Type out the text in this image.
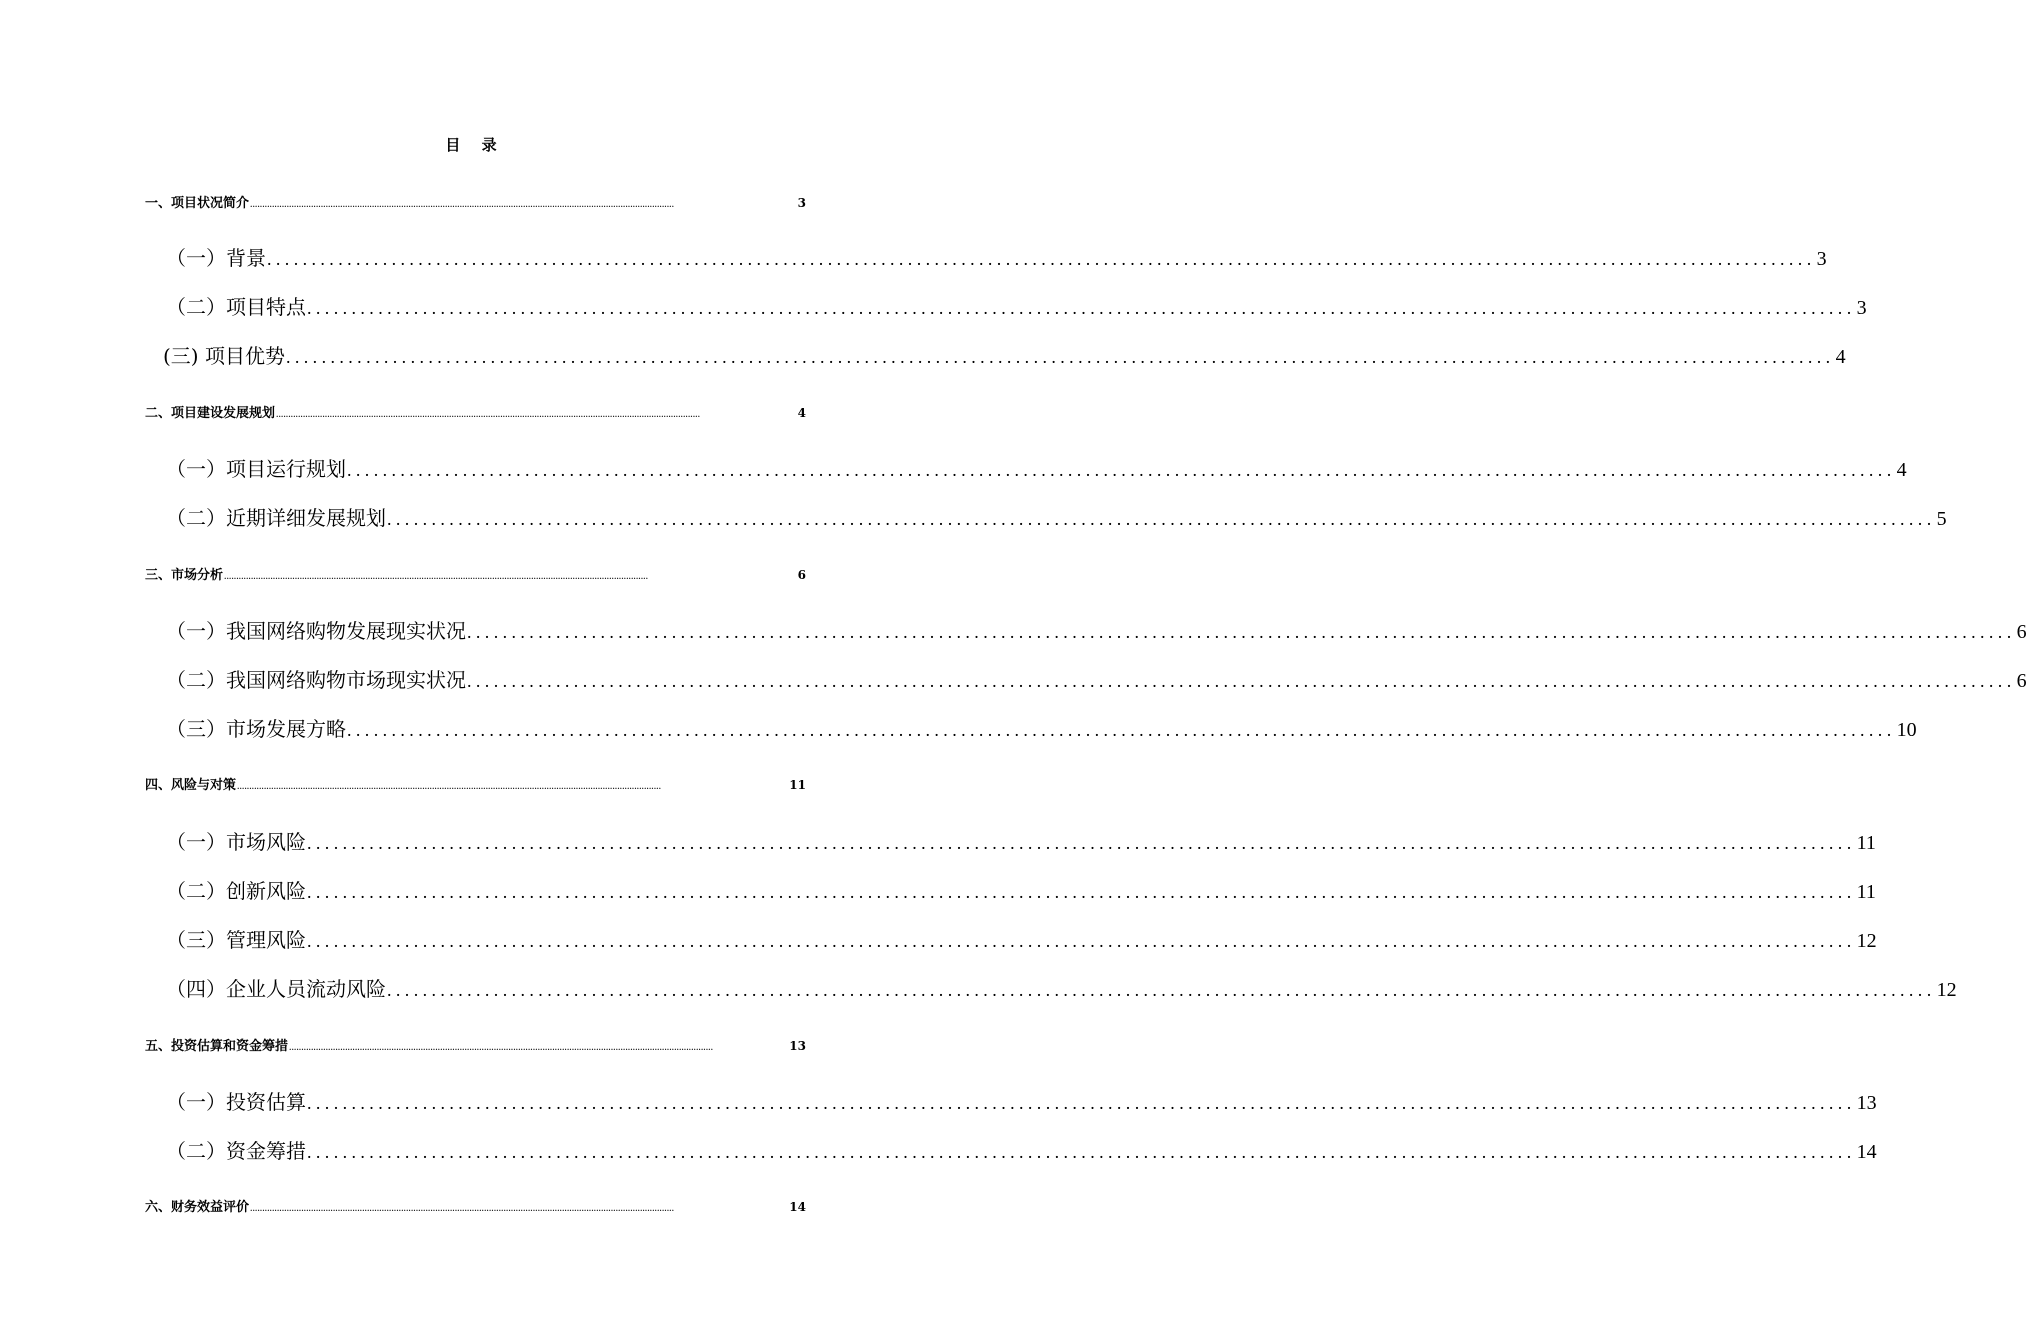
目 录
一、项目状况简介 ..............................................................................................................................................................................	3
（一）背景 .............................................................................................................................................................................. 3
（二）项目特点 .............................................................................................................................................................................. 3
(三) 项目优势 .............................................................................................................................................................................. 4
二、项目建设发展规划 ..............................................................................................................................................................................	4
（一）项目运行规划 .............................................................................................................................................................................. 4
（二）近期详细发展规划 .............................................................................................................................................................................. 5
三、市场分析 ..............................................................................................................................................................................	6
（一）我国网络购物发展现实状况 .............................................................................................................................................................................. 6
（二）我国网络购物市场现实状况 .............................................................................................................................................................................. 6
（三）市场发展方略 .............................................................................................................................................................................. 10
四、风险与对策 ..............................................................................................................................................................................	11
（一）市场风险 .............................................................................................................................................................................. 11
（二）创新风险 .............................................................................................................................................................................. 11
（三）管理风险 .............................................................................................................................................................................. 12
（四）企业人员流动风险 .............................................................................................................................................................................. 12
五、投资估算和资金筹措 ..............................................................................................................................................................................	13
（一）投资估算 .............................................................................................................................................................................. 13
（二）资金筹措 .............................................................................................................................................................................. 14
六、财务效益评价 ..............................................................................................................................................................................	14
